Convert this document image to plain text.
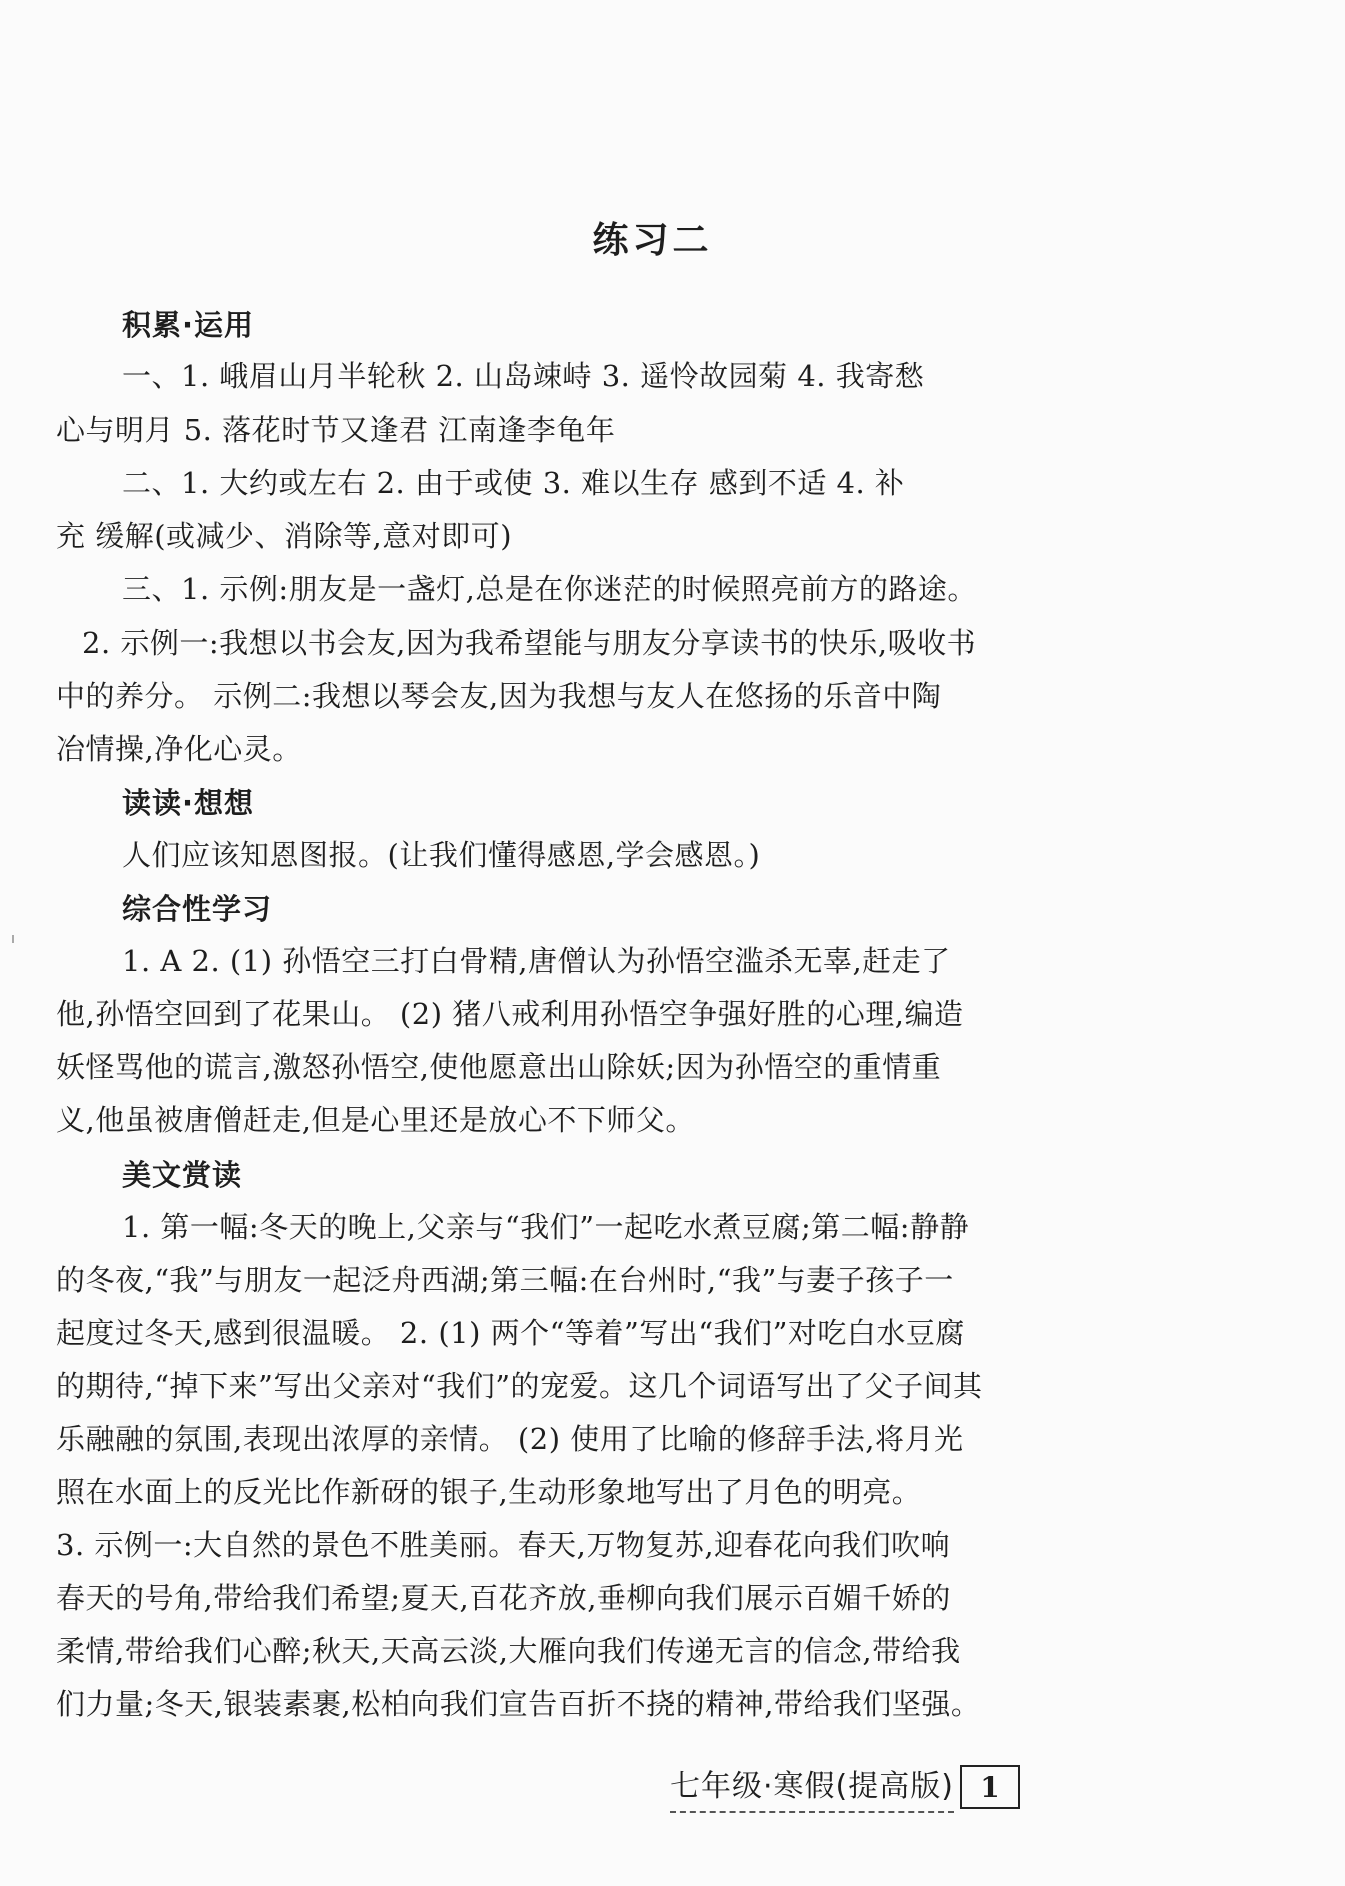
练习二
积累·运用
一、1. 峨眉山月半轮秋 2. 山岛竦峙 3. 遥怜故园菊 4. 我寄愁
心与明月 5. 落花时节又逢君 江南逢李龟年
二、1. 大约或左右 2. 由于或使 3. 难以生存 感到不适 4. 补
充 缓解(或减少、消除等,意对即可)
三、1. 示例:朋友是一盏灯,总是在你迷茫的时候照亮前方的路途。
2. 示例一:我想以书会友,因为我希望能与朋友分享读书的快乐,吸收书
中的养分。 示例二:我想以琴会友,因为我想与友人在悠扬的乐音中陶
冶情操,净化心灵。
读读·想想
人们应该知恩图报。(让我们懂得感恩,学会感恩。)
综合性学习
1. A 2. (1) 孙悟空三打白骨精,唐僧认为孙悟空滥杀无辜,赶走了
他,孙悟空回到了花果山。 (2) 猪八戒利用孙悟空争强好胜的心理,编造
妖怪骂他的谎言,激怒孙悟空,使他愿意出山除妖;因为孙悟空的重情重
义,他虽被唐僧赶走,但是心里还是放心不下师父。
美文赏读
1. 第一幅:冬天的晚上,父亲与“我们”一起吃水煮豆腐;第二幅:静静
的冬夜,“我”与朋友一起泛舟西湖;第三幅:在台州时,“我”与妻子孩子一
起度过冬天,感到很温暖。 2. (1) 两个“等着”写出“我们”对吃白水豆腐
的期待,“掉下来”写出父亲对“我们”的宠爱。这几个词语写出了父子间其
乐融融的氛围,表现出浓厚的亲情。 (2) 使用了比喻的修辞手法,将月光
照在水面上的反光比作新砑的银子,生动形象地写出了月色的明亮。
3. 示例一:大自然的景色不胜美丽。春天,万物复苏,迎春花向我们吹响
春天的号角,带给我们希望;夏天,百花齐放,垂柳向我们展示百媚千娇的
柔情,带给我们心醉;秋天,天高云淡,大雁向我们传递无言的信念,带给我
们力量;冬天,银装素裹,松柏向我们宣告百折不挠的精神,带给我们坚强。
七年级·寒假(提高版) 1
